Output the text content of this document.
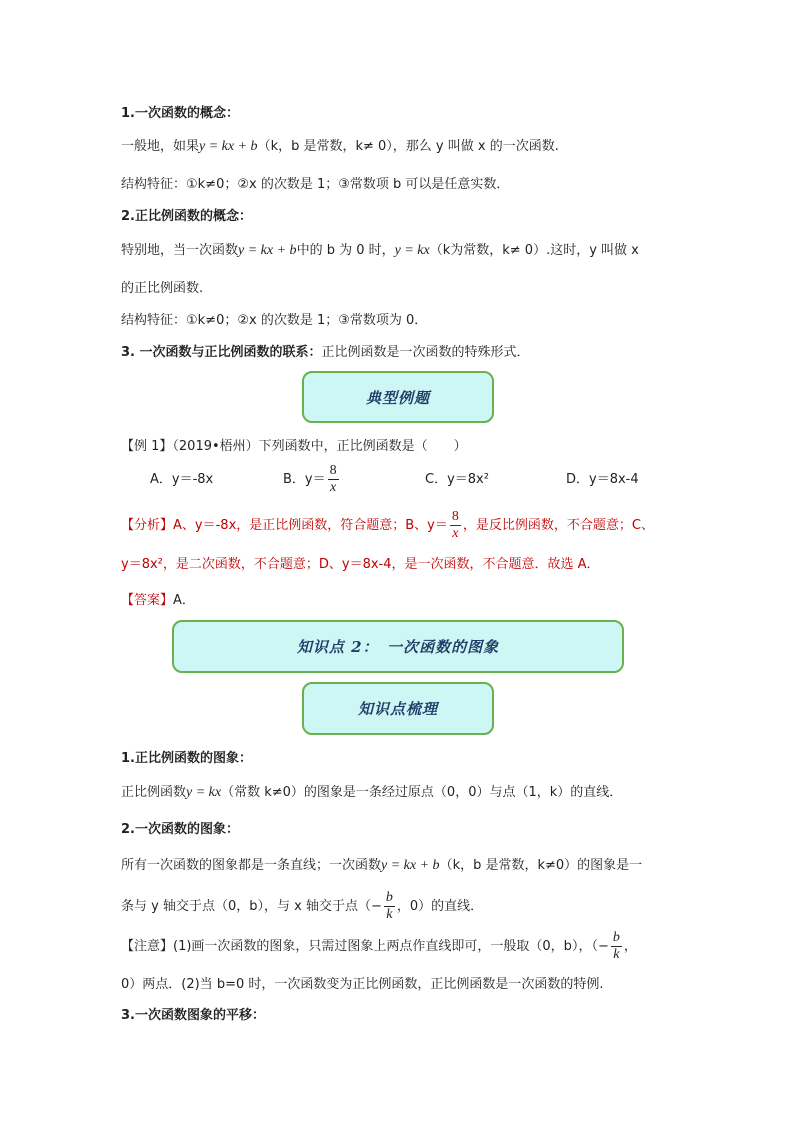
1.一次函数的概念：
一般地，如果y = kx + b（k，b 是常数，k≠ 0），那么 y 叫做 x 的一次函数.
结构特征：①k≠0；②x 的次数是 1；③常数项 b 可以是任意实数．
2.正比例函数的概念：
特别地，当一次函数y = kx + b中的 b 为 0 时，y = kx（k为常数，k≠ 0）.这时，y 叫做 x
的正比例函数.
结构特征：①k≠0；②x 的次数是 1；③常数项为 0．
3. 一次函数与正比例函数的联系：正比例函数是一次函数的特殊形式．
典型例题
【例 1】（2019•梧州）下列函数中，正比例函数是（　　）
A．y＝-8x	B．$y= \frac{8}{x}$	C．y＝8x²	D．y＝8x-4
【分析】A、y＝-8x，是正比例函数，符合题意；B、$y= \frac{8}{x}$ ，是反比例函数，不合题意；C、
y＝8x²，是二次函数，不合题意；D、y＝8x-4，是一次函数，不合题意．故选 A．
【答案】A．
知识点 2：　一次函数的图象
知识点梳理
1.正比例函数的图象：
正比例函数y = kx（常数 k≠0）的图象是一条经过原点（0，0）与点（1，k）的直线．
2.一次函数的图象：
所有一次函数的图象都是一条直线；一次函数y = kx + b（k，b 是常数，k≠0）的图象是一
条与 y 轴交于点（0，b），与 x 轴交于点（− $\frac{b}{k}$ ，0）的直线．
【注意】(1)画一次函数的图象，只需过图象上两点作直线即可，一般取（0，b），（− $\frac{b}{k}$ ，
0）两点．(2)当 b=0 时，一次函数变为正比例函数，正比例函数是一次函数的特例.
3.一次函数图象的平移：
